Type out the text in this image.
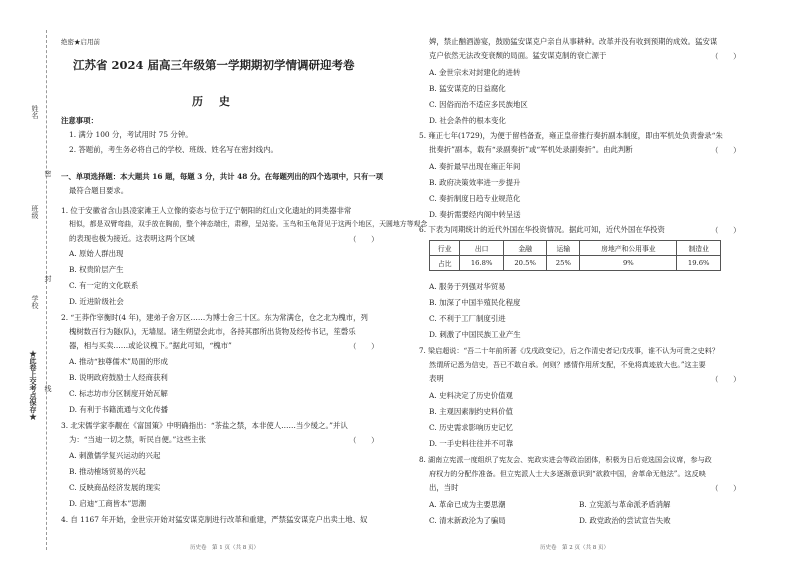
姓名
密
班级
封
学校
线
★此卷上交考点保存★
绝密★启用前
江苏省 2024 届高三年级第一学期期初学情调研迎考卷
历 史
注意事项：
1. 满分 100 分，考试用时 75 分钟。
2. 答题前，考生务必将自己的学校、班级、姓名写在密封线内。
一、单项选择题：本大题共 16 题，每题 3 分，共计 48 分。在每题列出的四个选项中，只有一项
最符合题目要求。
1. 位于安徽省含山县凌家滩王人立像的姿态与位于辽宁朝阳的红山文化遗址的同类器非常
相似，都是双臂弯曲，双手放在胸前，整个神态端庄，肃穆，呈站姿。玉鸟和玉龟背见于这两个地区，天圆地方等观念
的表现也极为接近。这表明这两个区域	（　　）
A. 原始人群出现
B. 权贵阶层产生
C. 有一定的文化联系
D. 近进阶级社会
2. “王莽作宰衡时(4 年)，建弟子舍万区……为博士舍三十区。东为常满仓，仓之北为槐市，列
槐树数百行为隧(队)，无墙屋。诸生朔望会此市，各持其郡所出货物及经传书记，笙磬乐
器，相与买卖……或论议槐下。”据此可知，“槐市”	（　　）
A. 推动“独尊儒术”局面的形成
B. 说明政府鼓励士人经商获利
C. 标志坊市分区制度开始瓦解
D. 有利于书籍流通与文化传播
3. 北宋儒学家李觏在《富国策》中明确指出：“茶盐之禁，本非使人……当少缓之。”并认
为：“当迪一切之禁，听民自便。”这些主张	（　　）
A. 刺激儒学复兴运动的兴起
B. 推动榷场贸易的兴起
C. 反映商品经济发展的现实
D. 启迪“工商皆本”思潮
4. 自 1167 年开始，金世宗开始对猛安谋克制进行改革和重建，严禁猛安谋克户出卖土地、奴
历史卷　第 1 页（共 8 页）
婢，禁止酗酒游宴，鼓励猛安谋克户亲自从事耕种。改革并没有收到预期的成效。猛安谋
克户依然无法改变衰颓的局面。猛安谋克制的衰亡源于	（　　）
A. 金世宗未对封建化的进转
B. 猛安谋克的日益腐化
C. 因俗而治不适应多民族地区
D. 社会条件的根本变化
5. 雍正七年(1729)，为便于留档备查，雍正皇帝推行奏折副本制度，即由军机处负责誊录“朱
批奏折”副本，载有“录副奏折”或“军机处录副奏折”。由此判断	（　　）
A. 奏折最早出现在雍正年间
B. 政府决策效率进一步提升
C. 奏折制度日趋专业规范化
D. 奏折需要经内阁中转呈送
6. 下表为同期统计的近代外国在华投资情况。据此可知，近代外国在华投资	（　　）
行业	出口	金融	运输	房地产和公用事业	制造业
占比	16.8%	20.5%	25%	9%	19.6%
A. 服务于列强对华贸易
B. 加深了中国半殖民化程度
C. 不利于工厂制度引进
D. 刺激了中国民族工业产生
7. 梁启超说：“吾二十年前所著《戊戌政变记》，后之作清史者记戊戌事，谁不认为可贵之史料？
然谓所记悉为信史，吾已不敢自承。何则？感情作用所支配，不免将真迹放大也。”这主要
表明	（　　）
A. 史料决定了历史价值观
B. 主观因素制约史料价值
C. 历史需求影响历史记忆
D. 一手史料往往并不可靠
8. 湖南立宪派一度组织了宪友会、宪政实进会等政治团体，积极为日后竞选国会议席，参与政
府权力的分配作准备。但立宪派人士大多逐渐意识到“欲救中国，舍革命无他法”。这反映
出，当时	（　　）
A. 革命已成为主要思潮	B. 立宪派与革命派矛盾消解
C. 清末新政沦为了骗局	D. 政党政治的尝试宣告失败
历史卷　第 2 页（共 8 页）
